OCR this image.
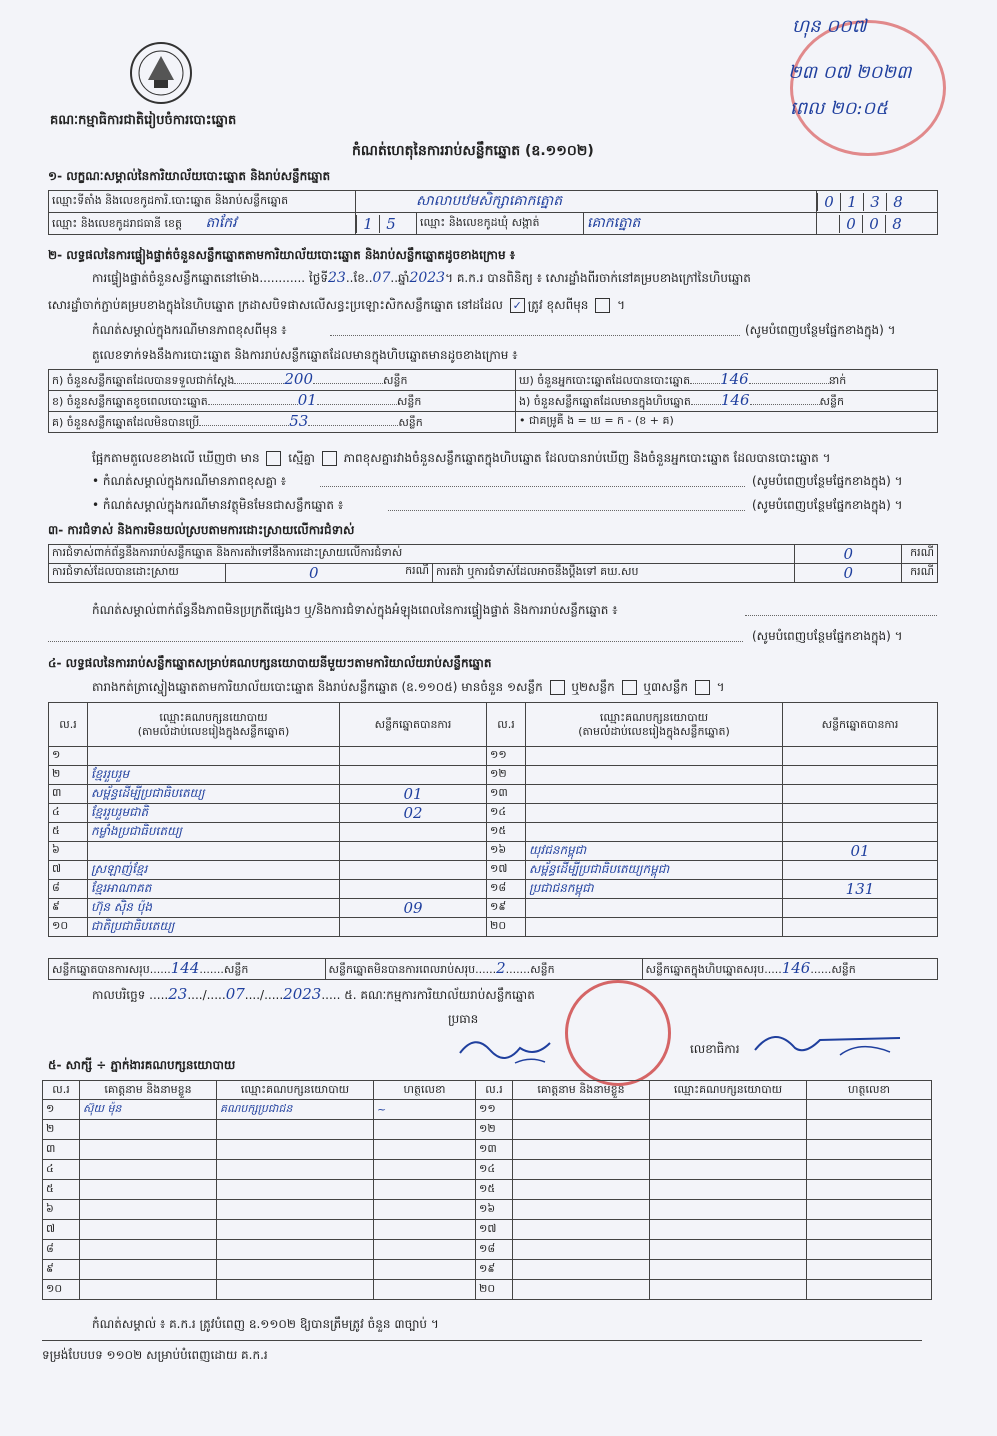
គណៈកម្មាធិការជាតិរៀបចំការបោះឆ្នោត
ហុន ០០៧
២៣ ០៧ ២០២៣
ពេល ២០:០៥
កំណត់ហេតុនៃការរាប់សន្លឹកឆ្នោត (ឧ.១១០២)
១- លក្ខណៈសម្គាល់នៃការិយាល័យបោះឆ្នោត និងរាប់សន្លឹកឆ្នោត
ឈ្មោះទីតាំង និងលេខកូដការិ.បោះឆ្នោត និងរាប់សន្លឹកឆ្នោត	សាលាបឋមសិក្សាគោកត្នោត			0 1 3 8
ឈ្មោះ និងលេខកូដរាជធានី ខេត្ត តាកែវ	1 5	ឈ្មោះ និងលេខកូដឃុំ សង្កាត់	គោកត្នោត	0 0 8
២- លទ្ធផលនៃការផ្ទៀងផ្ទាត់ចំនួនសន្លឹកឆ្នោតតាមការិយាល័យបោះឆ្នោត និងរាប់សន្លឹកឆ្នោតដូចខាងក្រោម ៖
ការផ្ទៀងផ្ទាត់ចំនួនសន្លឹកឆ្នោតនៅម៉ោង............ ថ្ងៃទី23..ខែ..07..ឆ្នាំ2023។ គ.ក.រ បានពិនិត្យ ៖ សោរដ្ឋាំងពីរចាក់នៅគម្របខាងក្រៅនៃហិបឆ្នោត
សោរដ្ឋាំចាក់ភ្ជាប់គម្របខាងក្នុងនៃហិបឆ្នោត ក្រដាសបិទផាសលើសន្ធះប្រឡោះសិកសន្លឹកឆ្នោត នៅដដែល ✓ ត្រូវ ខុសពីមុន  ។
កំណត់សម្គាល់ក្នុងករណីមានភាពខុសពីមុន ៖	(សូមបំពេញបន្ថែមផ្នែកខាងក្នុង) ។
តួលេខទាក់ទងនឹងការបោះឆ្នោត និងការរាប់សន្លឹកឆ្នោតដែលមានក្នុងហិបឆ្នោតមានដូចខាងក្រោម ៖
ក) ចំនួនសន្លឹកឆ្នោតដែលបានទទួលជាក់ស្តែង 200 សន្លឹក	ឃ) ចំនួនអ្នកបោះឆ្នោតដែលបានបោះឆ្នោត 146 នាក់
ខ) ចំនួនសន្លឹកឆ្នោតខូចពេលបោះឆ្នោត 01 សន្លឹក	ង) ចំនួនសន្លឹកឆ្នោតដែលមានក្នុងហិបឆ្នោត 146 សន្លឹក
គ) ចំនួនសន្លឹកឆ្នោតដែលមិនបានប្រើ 53 សន្លឹក	• ជាគម្រូគឺ ង = ឃ = ក - (ខ + គ)
ផ្អែកតាមតួលេខខាងលើ ឃើញថា មាន ស្មើគ្នា ភាពខុសគ្នារវាងចំនួនសន្លឹកឆ្នោតក្នុងហិបឆ្នោត ដែលបានរាប់ឃើញ និងចំនួនអ្នកបោះឆ្នោត ដែលបានបោះឆ្នោត ។
• កំណត់សម្គាល់ក្នុងករណីមានភាពខុសគ្នា ៖	(សូមបំពេញបន្ថែមផ្នែកខាងក្នុង) ។
• កំណត់សម្គាល់ក្នុងករណីមានវត្ថុមិនមែនជាសន្លឹកឆ្នោត ៖	(សូមបំពេញបន្ថែមផ្នែកខាងក្នុង) ។
៣- ការជំទាស់ និងការមិនយល់ស្របតាមការដោះស្រាយលើការជំទាស់
ការជំទាស់ពាក់ព័ន្ធនឹងការរាប់សន្លឹកឆ្នោត និងការតវ៉ាទៅនឹងការដោះស្រាយលើការជំទាស់			0	ករណី
ការជំទាស់ដែលបានដោះស្រាយ	0 ករណី	ការតវ៉ា ឬការជំទាស់ដែលអាចនឹងប្តឹងទៅ គឃ.សប	0	ករណី
កំណត់សម្គាល់ពាក់ព័ន្ធនឹងភាពមិនប្រក្រតីផ្សេងៗ ឬ/និងការជំទាស់ក្នុងអំឡុងពេលនៃការផ្ទៀងផ្ទាត់ និងការរាប់សន្លឹកឆ្នោត ៖
(សូមបំពេញបន្ថែមផ្នែកខាងក្នុង) ។
៤- លទ្ធផលនៃការរាប់សន្លឹកឆ្នោតសម្រាប់គណបក្សនយោបាយនីមួយៗតាមការិយាល័យរាប់សន្លឹកឆ្នោត
តារាងកត់ត្រាស្នៀងឆ្នោតតាមការិយាល័យបោះឆ្នោត និងរាប់សន្លឹកឆ្នោត (ឧ.១១០៥) មានចំនួន ១សន្លឹក ឬ២សន្លឹក ឬ៣សន្លឹក  ។
ល.រ	ឈ្មោះគណបក្សនយោបាយ
(តាមលំដាប់លេខរៀងក្នុងសន្លឹកឆ្នោត)	សន្លឹកឆ្នោតបានការ	ល.រ	ឈ្មោះគណបក្សនយោបាយ
(តាមលំដាប់លេខរៀងក្នុងសន្លឹកឆ្នោត)	សន្លឹកឆ្នោតបានការ
១			១១		
២	ខ្មែររួបរួម		១២		
៣	សម្ព័ន្ធដើម្បីប្រជាធិបតេយ្យ	01	១៣		
៤	ខ្មែររួបរួមជាតិ	02	១៤		
៥	កម្លាំងប្រជាធិបតេយ្យ		១៥		
៦			១៦	យុវជនកម្ពុជា	01
៧	ស្រឡាញ់ខ្មែរ		១៧	សម្ព័ន្ធដើម្បីប្រជាធិបតេយ្យកម្ពុជា	
៨	ខ្មែរអាណាគត		១៨	ប្រជាជនកម្ពុជា	131
៩	ហ៊ុន ស៊ិន ប៉ុង	09	១៩		
១០	ជាតិប្រជាធិបតេយ្យ		២០		
សន្លឹកឆ្នោតបានការសរុប......144.......សន្លឹក	សន្លឹកឆ្នោតមិនបានការពេលរាប់សរុប......2.......សន្លឹក	សន្លឹកឆ្នោតក្នុងហិបឆ្នោតសរុប.....146......សន្លឹក
កាលបរិច្ឆេទ .....23..../.....07..../.....2023..... ៥. គណៈកម្មការការិយាល័យរាប់សន្លឹកឆ្នោត
ប្រធាន
លេខាធិការ
៥- សាក្សី ÷ ភ្នាក់ងារគណបក្សនយោបាយ
ល.រ	គោត្តនាម និងនាមខ្លួន	ឈ្មោះគណបក្សនយោបាយ	ហត្ថលេខា	ល.រ	គោត្តនាម និងនាមខ្លួន	ឈ្មោះគណបក្សនយោបាយ	ហត្ថលេខា
១	ស៊ុយ ម៉ុន	គណបក្សប្រជាជន	~	១១			
២				១២			
៣				១៣			
៤				១៤			
៥				១៥			
៦				១៦			
៧				១៧			
៨				១៨			
៩				១៩			
១០				២០			
កំណត់សម្គាល់ ៖ គ.ក.រ ត្រូវបំពេញ ឧ.១១០២ ឱ្យបានត្រឹមត្រូវ ចំនួន ៣ច្បាប់ ។
ទម្រង់បែបបទ ១១០២ សម្រាប់បំពេញដោយ គ.ក.រ
